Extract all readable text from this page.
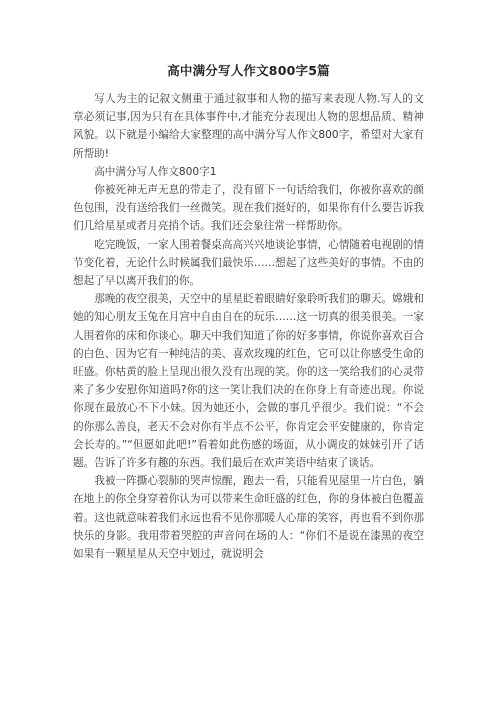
高中满分写人作文800字5篇

写人为主的记叙文侧重于通过叙事和人物的描写来表现人物.写人的文章必须记事,因为只有在具体事件中,才能充分表现出人物的思想品质、精神风貌。以下就是小编给大家整理的高中满分写人作文800字，希望对大家有所帮助!

高中满分写人作文800字1

你被死神无声无息的带走了，没有留下一句话给我们，你被你喜欢的颜色包围，没有送给我们一丝微笑。现在我们挺好的，如果你有什么要告诉我们几给星星或者月亮捎个话。我们还会象往常一样帮助你。

吃完晚饭，一家人围着餐桌高高兴兴地谈论事情，心情随着电视剧的情节变化着，无论什么时候属我们最快乐……想起了这些美好的事情。不由的想起了早以离开我们的你。

那晚的夜空很美，天空中的星星眨着眼睛好象聆听我们的聊天。嫦娥和她的知心朋友玉兔在月宫中自由自在的玩乐……这一切真的很美很美。一家人围着你的床和你谈心。聊天中我们知道了你的好多事情，你说你喜欢百合的白色、因为它有一种纯洁的美、喜欢玫瑰的红色，它可以让你感受生命的旺盛。你枯黄的脸上呈现出很久没有出现的笑。你的这一笑给我们的心灵带来了多少安慰你知道吗?你的这一笑让我们决的在你身上有奇迹出现。你说你现在最放心不下小妹。因为她还小，会做的事几乎很少。我们说：“不会的你那么善良，老天不会对你有半点不公平，你肯定会平安健康的，你肯定会长寿的。”“但愿如此吧!”看着如此伤感的场面，从小调皮的妹妹引开了话题。告诉了许多有趣的东西。我们最后在欢声笑语中结束了谈话。

我被一阵撕心裂肺的哭声惊醒，跑去一看，只能看见屋里一片白色，躺在地上的你全身穿着你认为可以带来生命旺盛的红色，你的身体被白色覆盖着。这也就意味着我们永远也看不见你那暖人心扉的笑容，再也看不到你那快乐的身影。我用带着哭腔的声音问在场的人：“你们不是说在漆黑的夜空如果有一颗星星从天空中划过，就说明会
